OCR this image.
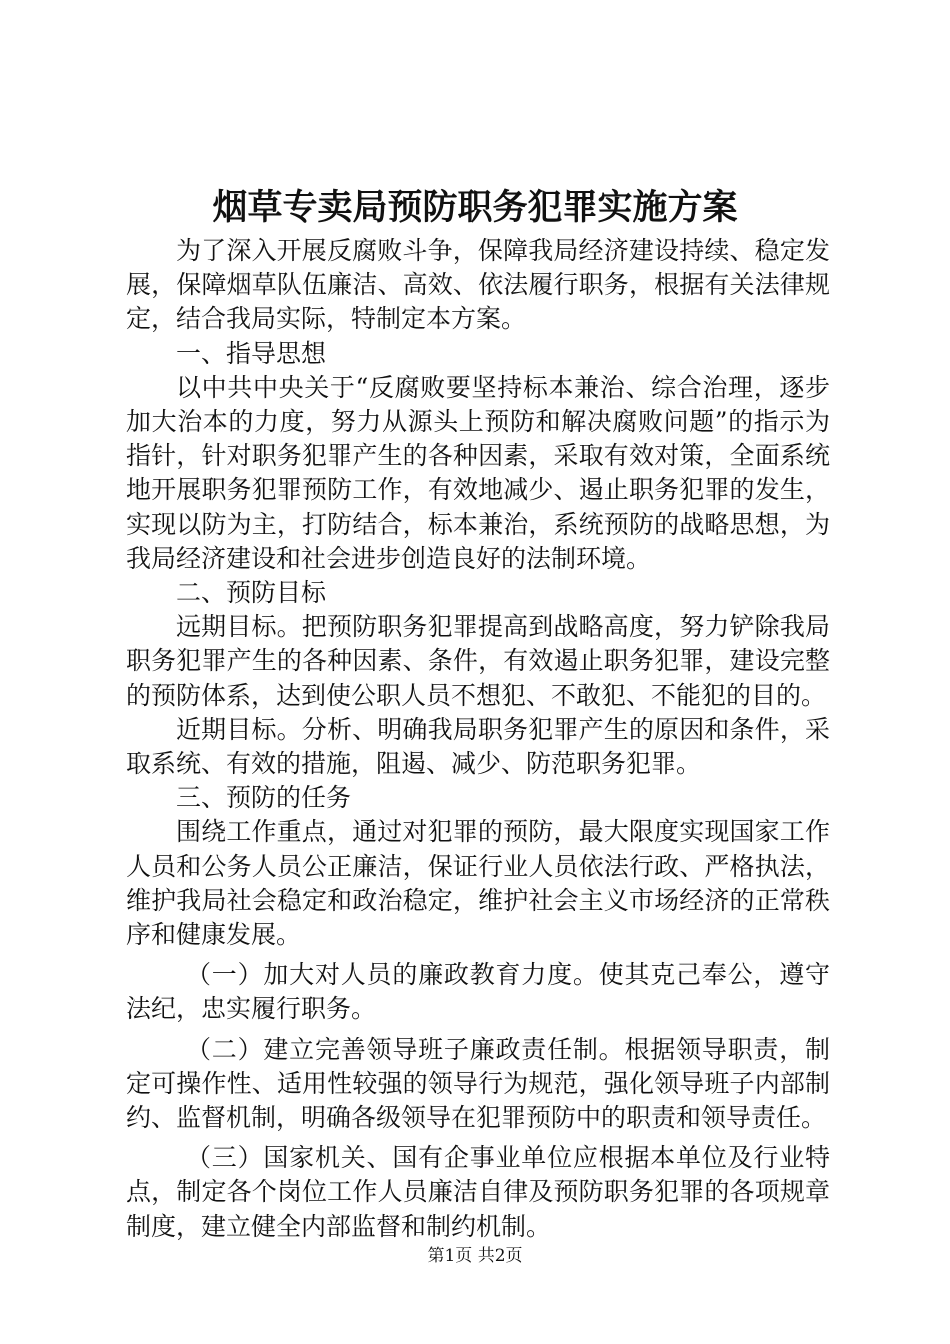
烟草专卖局预防职务犯罪实施方案

为了深入开展反腐败斗争，保障我局经济建设持续、稳定发展，保障烟草队伍廉洁、高效、依法履行职务，根据有关法律规定，结合我局实际，特制定本方案。

一、指导思想

以中共中央关于“反腐败要坚持标本兼治、综合治理，逐步加大治本的力度，努力从源头上预防和解决腐败问题”的指示为指针，针对职务犯罪产生的各种因素，采取有效对策，全面系统地开展职务犯罪预防工作，有效地减少、遏止职务犯罪的发生，实现以防为主，打防结合，标本兼治，系统预防的战略思想，为我局经济建设和社会进步创造良好的法制环境。

二、预防目标

远期目标。把预防职务犯罪提高到战略高度，努力铲除我局职务犯罪产生的各种因素、条件，有效遏止职务犯罪，建设完整的预防体系，达到使公职人员不想犯、不敢犯、不能犯的目的。

近期目标。分析、明确我局职务犯罪产生的原因和条件，采取系统、有效的措施，阻遏、减少、防范职务犯罪。

三、预防的任务

围绕工作重点，通过对犯罪的预防，最大限度实现国家工作人员和公务人员公正廉洁，保证行业人员依法行政、严格执法，维护我局社会稳定和政治稳定，维护社会主义市场经济的正常秩序和健康发展。

（一）加大对人员的廉政教育力度。使其克己奉公，遵守法纪，忠实履行职务。

（二）建立完善领导班子廉政责任制。根据领导职责，制定可操作性、适用性较强的领导行为规范，强化领导班子内部制约、监督机制，明确各级领导在犯罪预防中的职责和领导责任。

（三）国家机关、国有企事业单位应根据本单位及行业特点，制定各个岗位工作人员廉洁自律及预防职务犯罪的各项规章制度，建立健全内部监督和制约机制。

第1页 共2页
